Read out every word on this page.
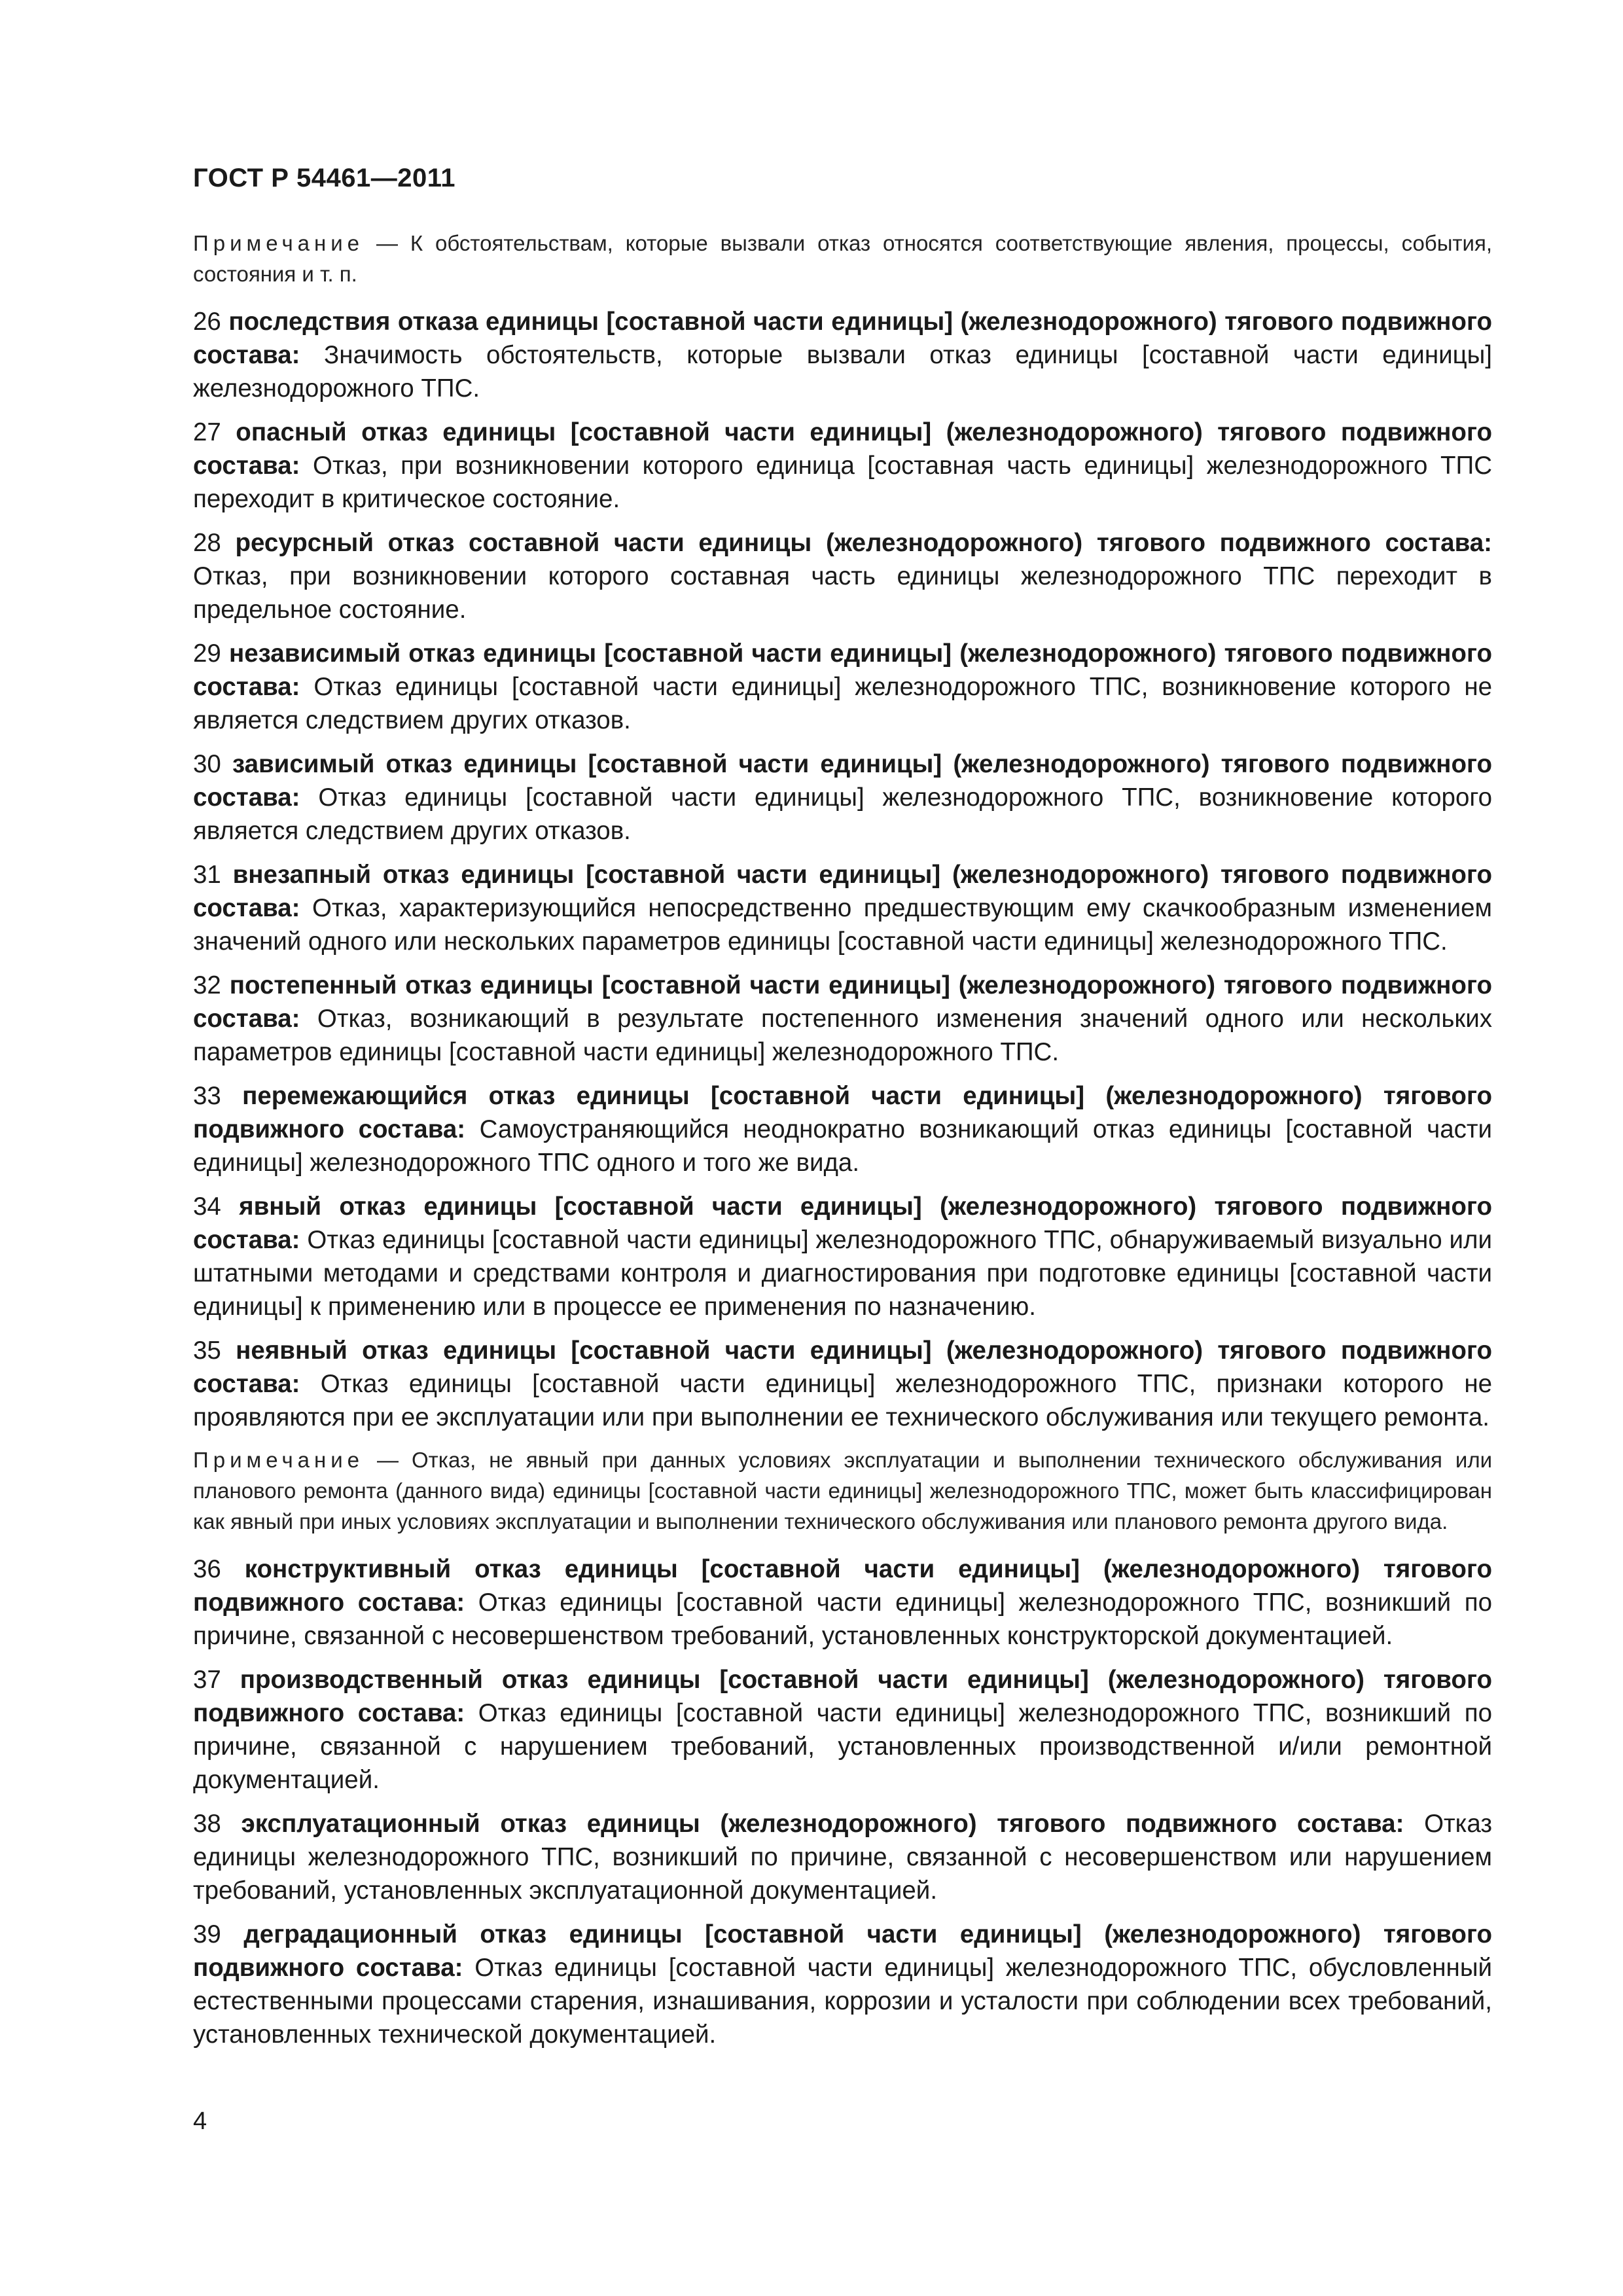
ГОСТ Р 54461—2011

Примечание — К обстоятельствам, которые вызвали отказ относятся соответствующие явления, процессы, события, состояния и т. п.

26 последствия отказа единицы [составной части единицы] (железнодорожного) тягового подвижного состава: Значимость обстоятельств, которые вызвали отказ единицы [составной части единицы] железнодорожного ТПС.

27 опасный отказ единицы [составной части единицы] (железнодорожного) тягового подвижного состава: Отказ, при возникновении которого единица [составная часть единицы] железнодорожного ТПС переходит в критическое состояние.

28 ресурсный отказ составной части единицы (железнодорожного) тягового подвижного состава: Отказ, при возникновении которого составная часть единицы железнодорожного ТПС переходит в предельное состояние.

29 независимый отказ единицы [составной части единицы] (железнодорожного) тягового подвижного состава: Отказ единицы [составной части единицы] железнодорожного ТПС, возникновение которого не является следствием других отказов.

30 зависимый отказ единицы [составной части единицы] (железнодорожного) тягового подвижного состава: Отказ единицы [составной части единицы] железнодорожного ТПС, возникновение которого является следствием других отказов.

31 внезапный отказ единицы [составной части единицы] (железнодорожного) тягового подвижного состава: Отказ, характеризующийся непосредственно предшествующим ему скачкообразным изменением значений одного или нескольких параметров единицы [составной части единицы] железнодорожного ТПС.

32 постепенный отказ единицы [составной части единицы] (железнодорожного) тягового подвижного состава: Отказ, возникающий в результате постепенного изменения значений одного или нескольких параметров единицы [составной части единицы] железнодорожного ТПС.

33 перемежающийся отказ единицы [составной части единицы] (железнодорожного) тягового подвижного состава: Самоустраняющийся неоднократно возникающий отказ единицы [составной части единицы] железнодорожного ТПС одного и того же вида.

34 явный отказ единицы [составной части единицы] (железнодорожного) тягового подвижного состава: Отказ единицы [составной части единицы] железнодорожного ТПС, обнаруживаемый визуально или штатными методами и средствами контроля и диагностирования при подготовке единицы [составной части единицы] к применению или в процессе ее применения по назначению.

35 неявный отказ единицы [составной части единицы] (железнодорожного) тягового подвижного состава: Отказ единицы [составной части единицы] железнодорожного ТПС, признаки которого не проявляются при ее эксплуатации или при выполнении ее технического обслуживания или текущего ремонта.

Примечание — Отказ, не явный при данных условиях эксплуатации и выполнении технического обслуживания или планового ремонта (данного вида) единицы [составной части единицы] железнодорожного ТПС, может быть классифицирован как явный при иных условиях эксплуатации и выполнении технического обслуживания или планового ремонта другого вида.

36 конструктивный отказ единицы [составной части единицы] (железнодорожного) тягового подвижного состава: Отказ единицы [составной части единицы] железнодорожного ТПС, возникший по причине, связанной с несовершенством требований, установленных конструкторской документацией.

37 производственный отказ единицы [составной части единицы] (железнодорожного) тягового подвижного состава: Отказ единицы [составной части единицы] железнодорожного ТПС, возникший по причине, связанной с нарушением требований, установленных производственной и/или ремонтной документацией.

38 эксплуатационный отказ единицы (железнодорожного) тягового подвижного состава: Отказ единицы железнодорожного ТПС, возникший по причине, связанной с несовершенством или нарушением требований, установленных эксплуатационной документацией.

39 деградационный отказ единицы [составной части единицы] (железнодорожного) тягового подвижного состава: Отказ единицы [составной части единицы] железнодорожного ТПС, обусловленный естественными процессами старения, изнашивания, коррозии и усталости при соблюдении всех требований, установленных технической документацией.

4
